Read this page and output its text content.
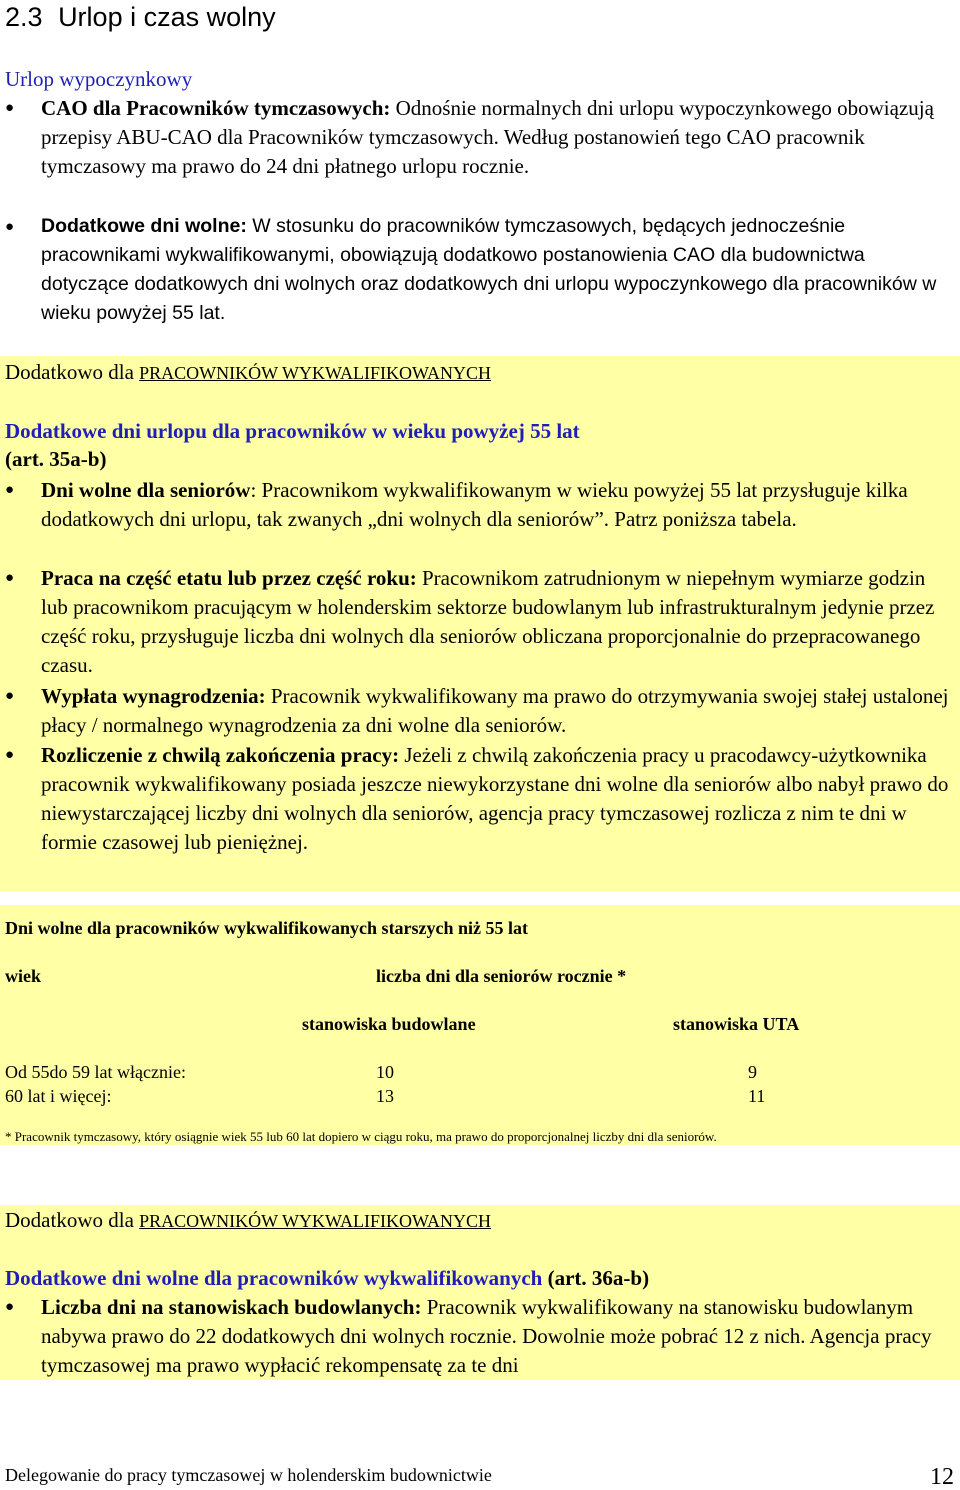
2.3 Urlop i czas wolny
Urlop wypoczynkowy
● CAO dla Pracowników tymczasowych: Odnośnie normalnych dni urlopu wypoczynkowego obowiązują przepisy ABU-CAO dla Pracowników tymczasowych. Według postanowień tego CAO pracownik tymczasowy ma prawo do 24 dni płatnego urlopu rocznie.
● Dodatkowe dni wolne: W stosunku do pracowników tymczasowych, będących jednocześnie pracownikami wykwalifikowanymi, obowiązują dodatkowo postanowienia CAO dla budownictwa dotyczące dodatkowych dni wolnych oraz dodatkowych dni urlopu wypoczynkowego dla pracowników w wieku powyżej 55 lat.
Dodatkowo dla PRACOWNIKÓW WYKWALIFIKOWANYCH
Dodatkowe dni urlopu dla pracowników w wieku powyżej 55 lat
(art. 35a-b)
● Dni wolne dla seniorów: Pracownikom wykwalifikowanym w wieku powyżej 55 lat przysługuje kilka dodatkowych dni urlopu, tak zwanych „dni wolnych dla seniorów”. Patrz poniższa tabela.
● Praca na część etatu lub przez część roku: Pracownikom zatrudnionym w niepełnym wymiarze godzin lub pracownikom pracującym w holenderskim sektorze budowlanym lub infrastrukturalnym jedynie przez część roku, przysługuje liczba dni wolnych dla seniorów obliczana proporcjonalnie do przepracowanego czasu.
● Wypłata wynagrodzenia: Pracownik wykwalifikowany ma prawo do otrzymywania swojej stałej ustalonej płacy / normalnego wynagrodzenia za dni wolne dla seniorów.
● Rozliczenie z chwilą zakończenia pracy: Jeżeli z chwilą zakończenia pracy u pracodawcy-użytkownika pracownik wykwalifikowany posiada jeszcze niewykorzystane dni wolne dla seniorów albo nabył prawo do niewystarczającej liczby dni wolnych dla seniorów, agencja pracy tymczasowej rozlicza z nim te dni w formie czasowej lub pieniężnej.
Dni wolne dla pracowników wykwalifikowanych starszych niż 55 lat
wiek	liczba dni dla seniorów rocznie *
stanowiska budowlane	stanowiska UTA
Od 55do 59 lat włącznie:	10	9
60 lat i więcej:	13	11
* Pracownik tymczasowy, który osiągnie wiek 55 lub 60 lat dopiero w ciągu roku, ma prawo do proporcjonalnej liczby dni dla seniorów.
Dodatkowo dla PRACOWNIKÓW WYKWALIFIKOWANYCH
Dodatkowe dni wolne dla pracowników wykwalifikowanych (art. 36a-b)
● Liczba dni na stanowiskach budowlanych: Pracownik wykwalifikowany na stanowisku budowlanym nabywa prawo do 22 dodatkowych dni wolnych rocznie. Dowolnie może pobrać 12 z nich. Agencja pracy tymczasowej ma prawo wypłacić rekompensatę za te dni
Delegowanie do pracy tymczasowej w holenderskim budownictwie	12
